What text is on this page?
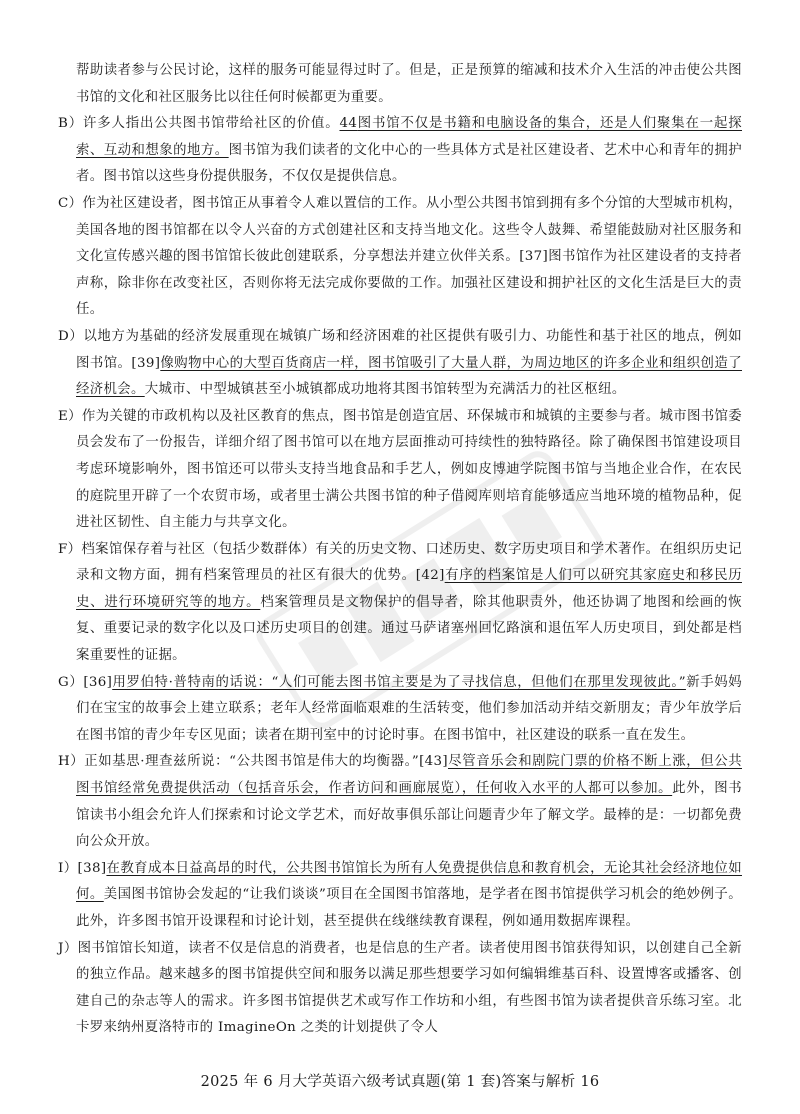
帮助读者参与公民讨论，这样的服务可能显得过时了。但是，正是预算的缩减和技术介入生活的冲击使公共图书馆的文化和社区服务比以往任何时候都更为重要。

B）许多人指出公共图书馆带给社区的价值。44图书馆不仅是书籍和电脑设备的集合，还是人们聚集在一起探索、互动和想象的地方。图书馆为我们读者的文化中心的一些具体方式是社区建设者、艺术中心和青年的拥护者。图书馆以这些身份提供服务，不仅仅是提供信息。

C）作为社区建设者，图书馆正从事着令人难以置信的工作。从小型公共图书馆到拥有多个分馆的大型城市机构，美国各地的图书馆都在以令人兴奋的方式创建社区和支持当地文化。这些令人鼓舞、希望能鼓励对社区服务和文化宣传感兴趣的图书馆馆长彼此创建联系，分享想法并建立伙伴关系。[37]图书馆作为社区建设者的支持者声称，除非你在改变社区，否则你将无法完成你要做的工作。加强社区建设和拥护社区的文化生活是巨大的责任。

D）以地方为基础的经济发展重现在城镇广场和经济困难的社区提供有吸引力、功能性和基于社区的地点，例如图书馆。[39]像购物中心的大型百货商店一样，图书馆吸引了大量人群，为周边地区的许多企业和组织创造了经济机会。大城市、中型城镇甚至小城镇都成功地将其图书馆转型为充满活力的社区枢纽。

E）作为关键的市政机构以及社区教育的焦点，图书馆是创造宜居、环保城市和城镇的主要参与者。城市图书馆委员会发布了一份报告，详细介绍了图书馆可以在地方层面推动可持续性的独特路径。除了确保图书馆建设项目考虑环境影响外，图书馆还可以带头支持当地食品和手艺人，例如皮博迪学院图书馆与当地企业合作，在农民的庭院里开辟了一个农贸市场，或者里士满公共图书馆的种子借阅库则培育能够适应当地环境的植物品种，促进社区韧性、自主能力与共享文化。

F）档案馆保存着与社区（包括少数群体）有关的历史文物、口述历史、数字历史项目和学术著作。在组织历史记录和文物方面，拥有档案管理员的社区有很大的优势。[42]有序的档案馆是人们可以研究其家庭史和移民历史、进行环境研究等的地方。档案管理员是文物保护的倡导者，除其他职责外，他还协调了地图和绘画的恢复、重要记录的数字化以及口述历史项目的创建。通过马萨诸塞州回忆路演和退伍军人历史项目，到处都是档案重要性的证据。

G）[36]用罗伯特·普特南的话说：“人们可能去图书馆主要是为了寻找信息，但他们在那里发现彼此。”新手妈妈们在宝宝的故事会上建立联系；老年人经常面临艰难的生活转变，他们参加活动并结交新朋友；青少年放学后在图书馆的青少年专区见面；读者在期刊室中的讨论时事。在图书馆中，社区建设的联系一直在发生。

H）正如基思·理查兹所说：“公共图书馆是伟大的均衡器。”[43]尽管音乐会和剧院门票的价格不断上涨，但公共图书馆经常免费提供活动（包括音乐会，作者访问和画廊展览），任何收入水平的人都可以参加。此外，图书馆读书小组会允许人们探索和讨论文学艺术，而好故事俱乐部让问题青少年了解文学。最棒的是：一切都免费向公众开放。

I）[38]在教育成本日益高昂的时代，公共图书馆馆长为所有人免费提供信息和教育机会，无论其社会经济地位如何。美国图书馆协会发起的“让我们谈谈”项目在全国图书馆落地，是学者在图书馆提供学习机会的绝妙例子。此外，许多图书馆开设课程和讨论计划，甚至提供在线继续教育课程，例如通用数据库课程。

J）图书馆馆长知道，读者不仅是信息的消费者，也是信息的生产者。读者使用图书馆获得知识，以创建自己全新的独立作品。越来越多的图书馆提供空间和服务以满足那些想要学习如何编辑维基百科、设置博客或播客、创建自己的杂志等人的需求。许多图书馆提供艺术或写作工作坊和小组，有些图书馆为读者提供音乐练习室。北卡罗来纳州夏洛特市的 ImagineOn 之类的计划提供了令人

2025 年 6 月大学英语六级考试真题(第 1 套)答案与解析 16
